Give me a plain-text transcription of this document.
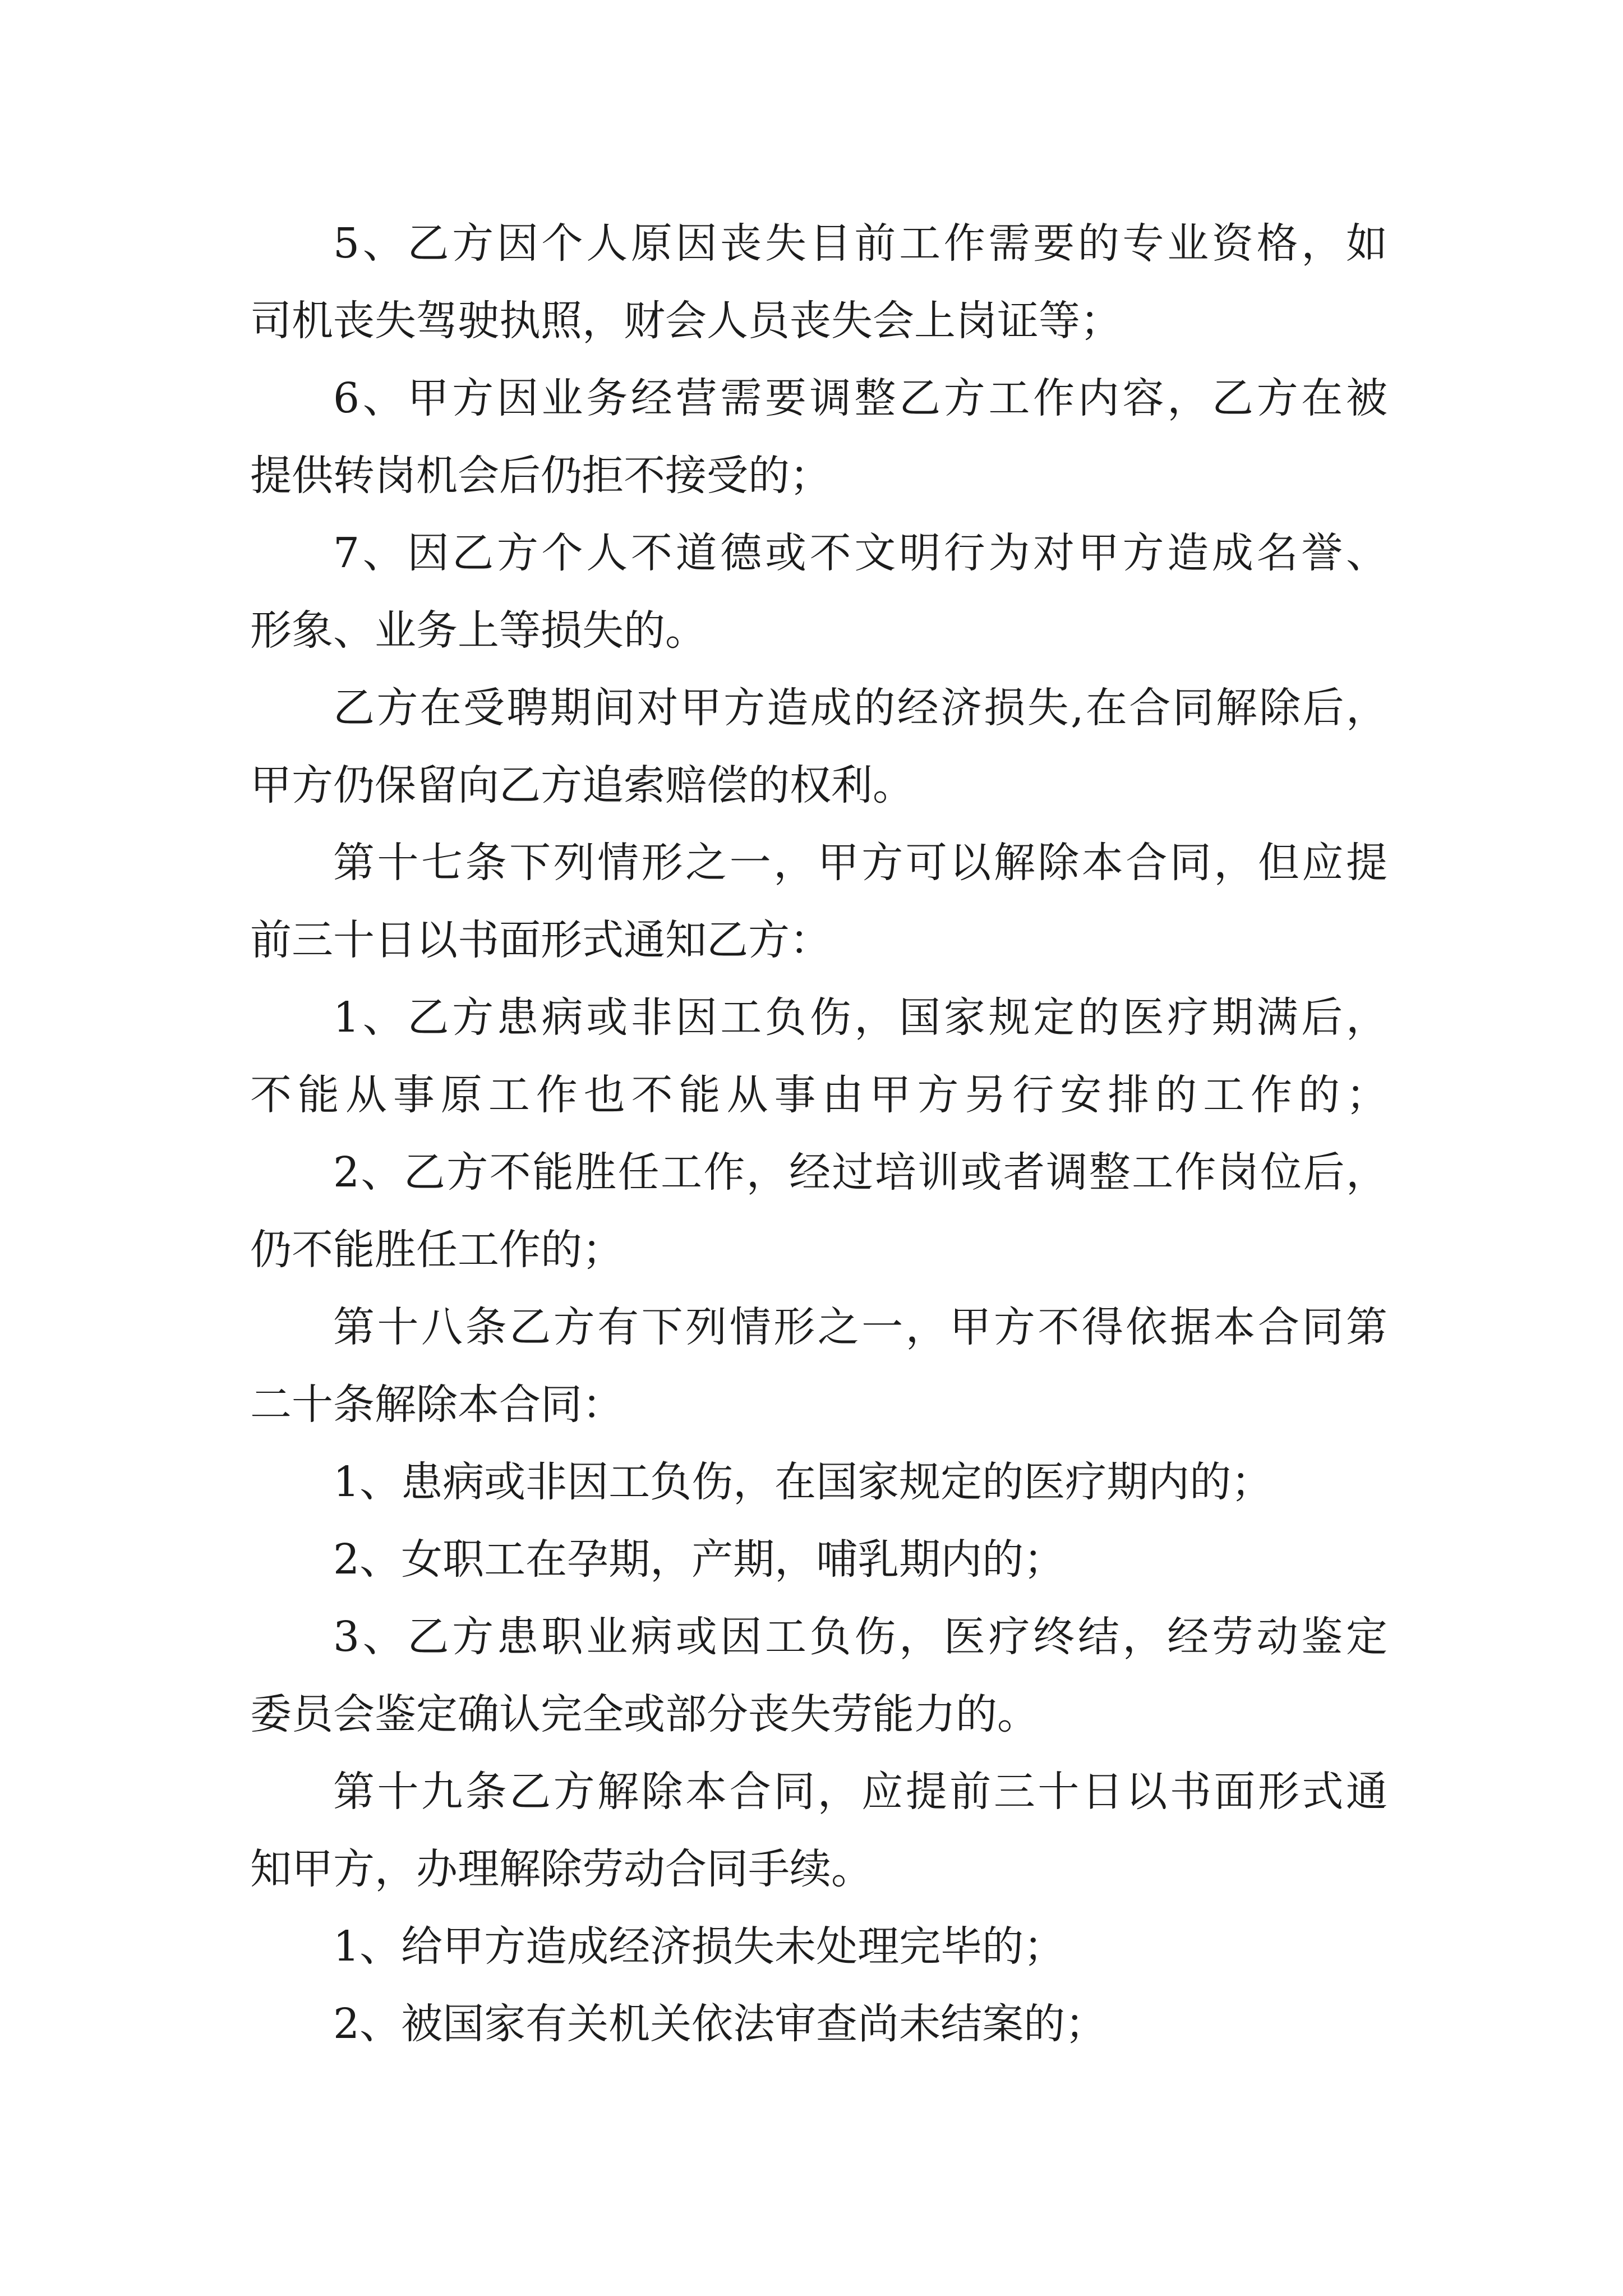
5、乙方因个人原因丧失目前工作需要的专业资格，如
司机丧失驾驶执照，财会人员丧失会上岗证等；
6、甲方因业务经营需要调整乙方工作内容，乙方在被
提供转岗机会后仍拒不接受的；
7、因乙方个人不道德或不文明行为对甲方造成名誉、
形象、业务上等损失的。
乙方在受聘期间对甲方造成的经济损失,在合同解除后，
甲方仍保留向乙方追索赔偿的权利。
第十七条下列情形之一，甲方可以解除本合同，但应提
前三十日以书面形式通知乙方：
1、乙方患病或非因工负伤，国家规定的医疗期满后，
不能从事原工作也不能从事由甲方另行安排的工作的；
2、乙方不能胜任工作，经过培训或者调整工作岗位后，
仍不能胜任工作的；
第十八条乙方有下列情形之一，甲方不得依据本合同第
二十条解除本合同：
1、患病或非因工负伤，在国家规定的医疗期内的；
2、女职工在孕期，产期，哺乳期内的；
3、乙方患职业病或因工负伤，医疗终结，经劳动鉴定
委员会鉴定确认完全或部分丧失劳能力的。
第十九条乙方解除本合同，应提前三十日以书面形式通
知甲方，办理解除劳动合同手续。
1、给甲方造成经济损失未处理完毕的；
2、被国家有关机关依法审查尚未结案的；
